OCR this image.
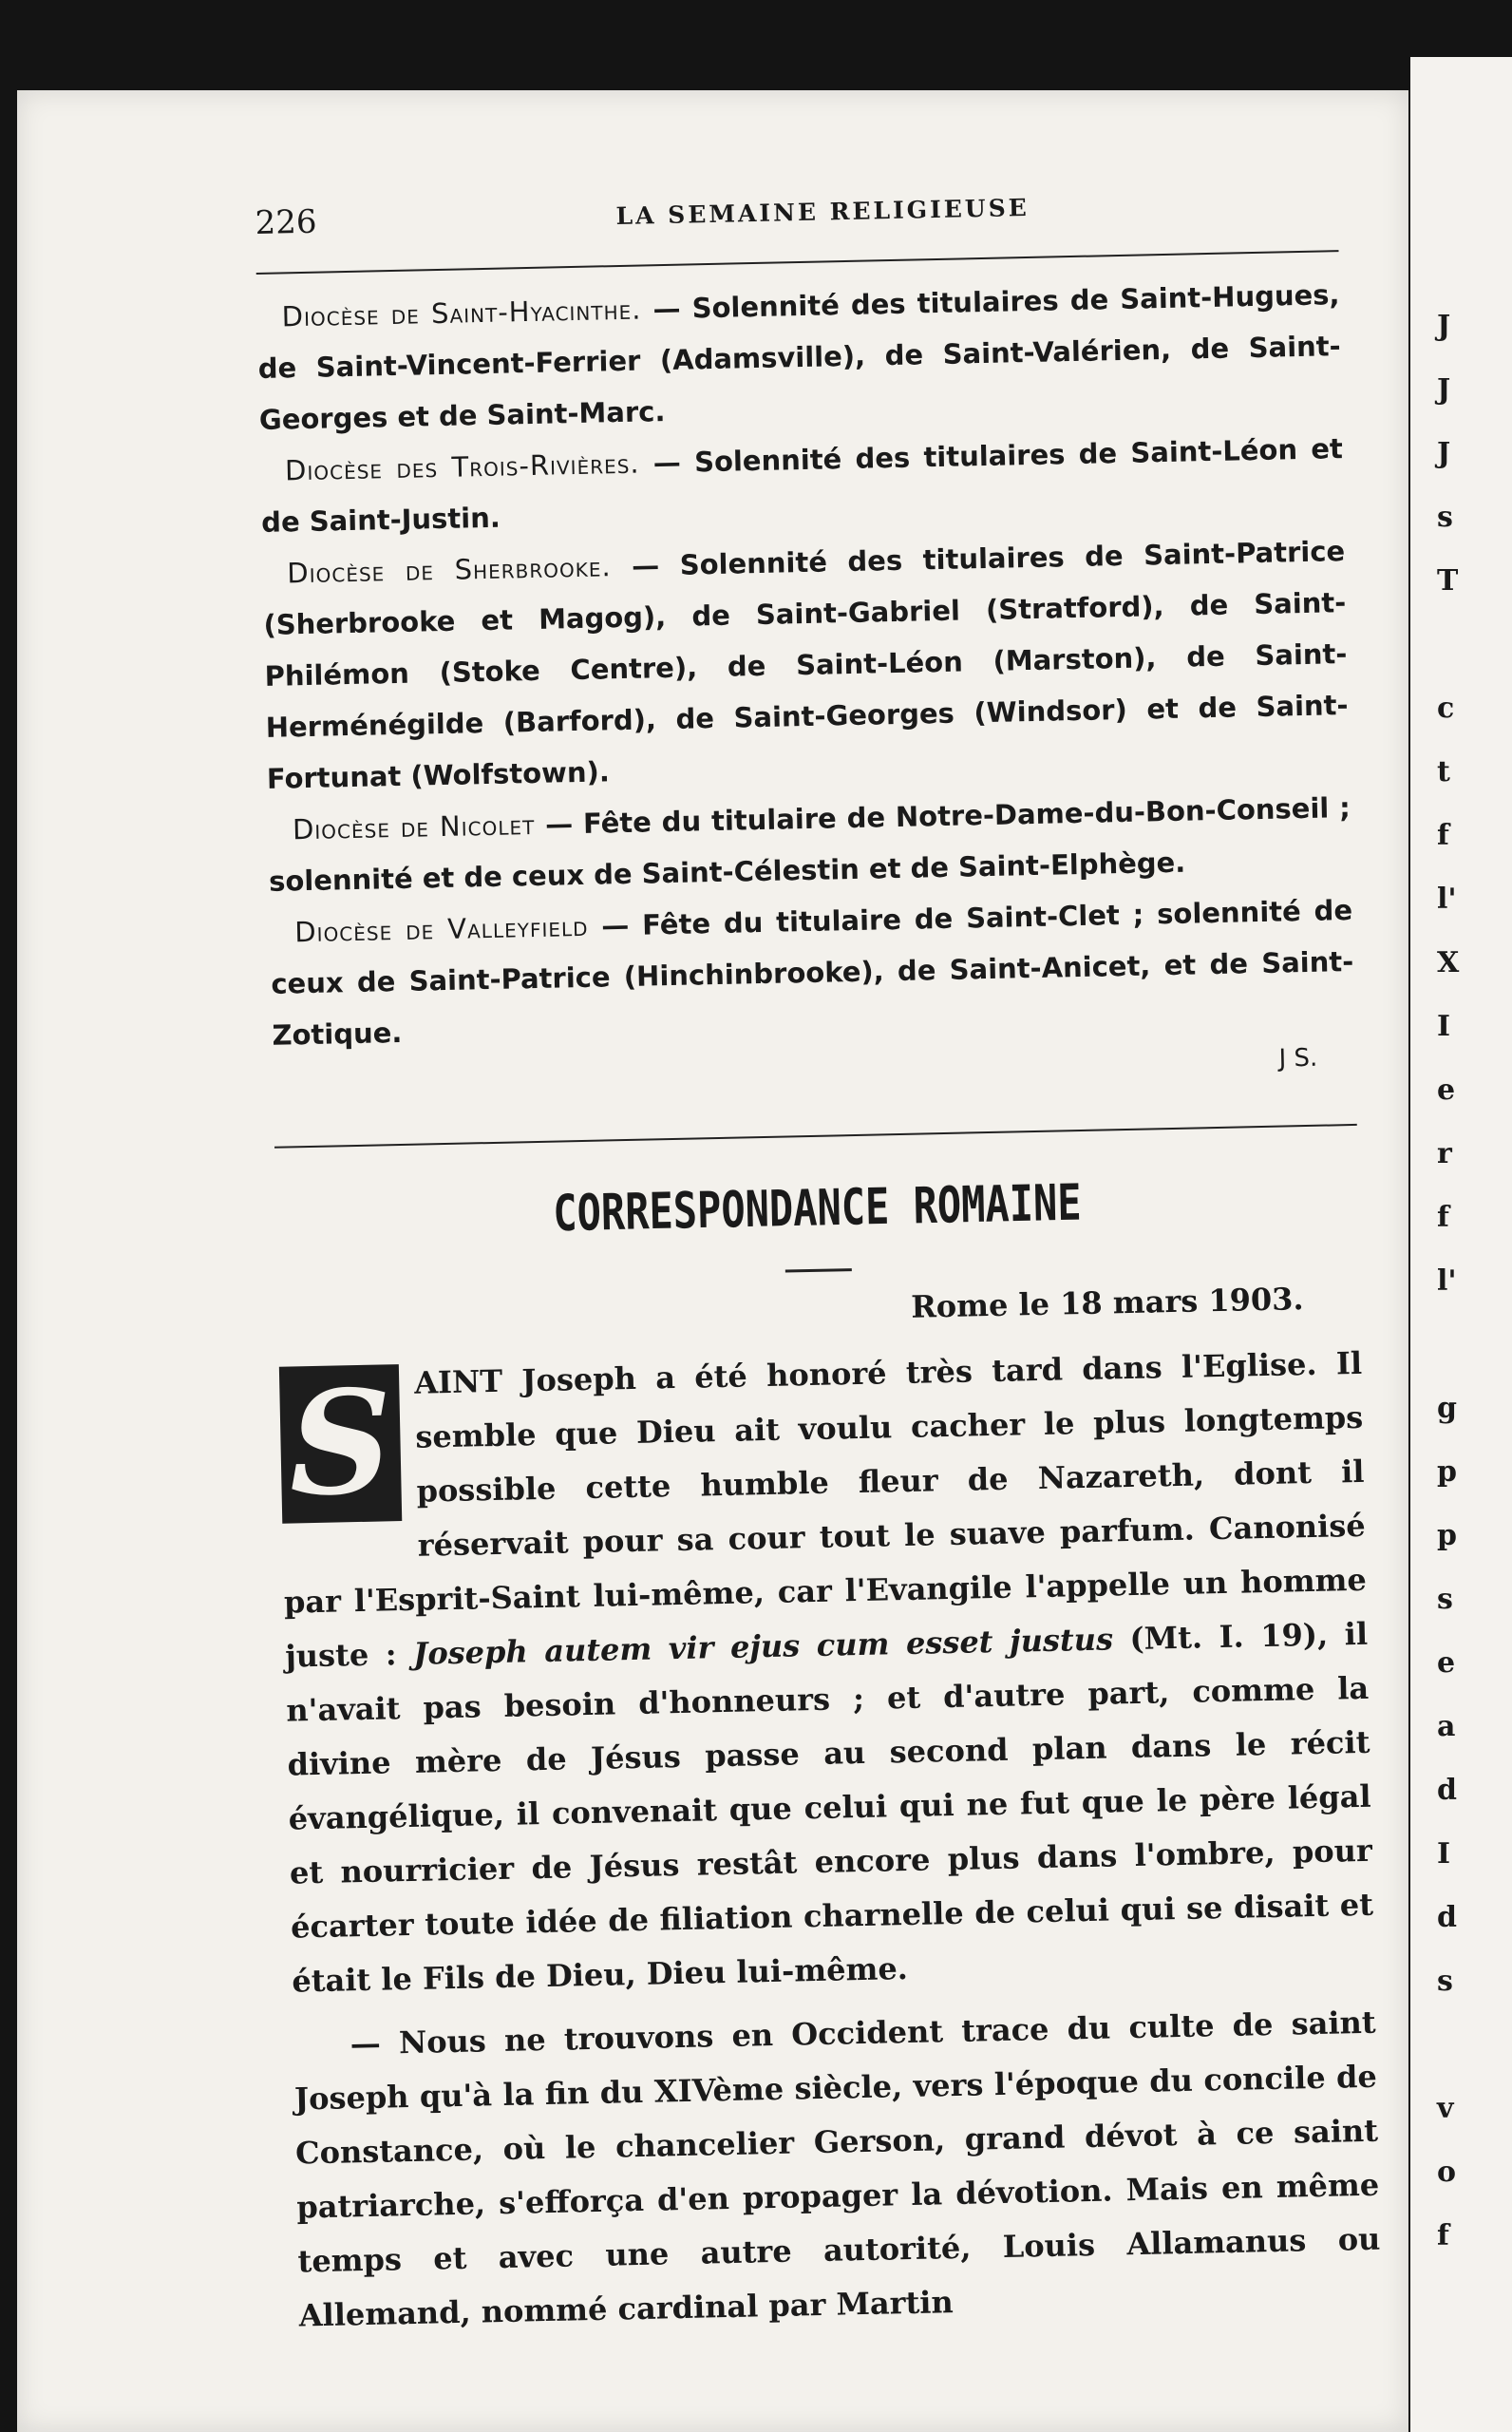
226	LA SEMAINE RELIGIEUSE
Diocèse de Saint-Hyacinthe. — Solennité des titulaires de Saint-Hugues, de Saint-Vincent-Ferrier (Adamsville), de Saint-Valérien, de Saint-Georges et de Saint-Marc.
Diocèse des Trois-Rivières. — Solennité des titulaires de Saint-Léon et de Saint-Justin.
Diocèse de Sherbrooke. — Solennité des titulaires de Saint-Patrice (Sherbrooke et Magog), de Saint-Gabriel (Stratford), de Saint-Philémon (Stoke Centre), de Saint-Léon (Marston), de Saint-Herménégilde (Barford), de Saint-Georges (Windsor) et de Saint-Fortunat (Wolfstown).
Diocèse de Nicolet — Fête du titulaire de Notre-Dame-du-Bon-Conseil ; solennité et de ceux de Saint-Célestin et de Saint-Elphège.
Diocèse de Valleyfield — Fête du titulaire de Saint-Clet ; solennité de ceux de Saint-Patrice (Hinchinbrooke), de Saint-Anicet, et de Saint-Zotique.
J S.
CORRESPONDANCE ROMAINE
Rome le 18 mars 1903.

S AINT Joseph a été honoré très tard dans l'Eglise. Il semble que Dieu ait voulu cacher le plus longtemps possible cette humble fleur de Nazareth, dont il réservait pour sa cour tout le suave parfum. Canonisé par l'Esprit-Saint lui-même, car l'Evangile l'appelle un homme juste : Joseph autem vir ejus cum esset justus (Mt. I. 19), il n'avait pas besoin d'honneurs ; et d'autre part, comme la divine mère de Jésus passe au second plan dans le récit évangélique, il convenait que celui qui ne fut que le père légal et nourricier de Jésus restât encore plus dans l'ombre, pour écarter toute idée de filiation charnelle de celui qui se disait et était le Fils de Dieu, Dieu lui-même.

— Nous ne trouvons en Occident trace du culte de saint Joseph qu'à la fin du XIVème siècle, vers l'époque du concile de Constance, où le chancelier Gerson, grand dévot à ce saint patriarche, s'efforça d'en propager la dévotion. Mais en même temps et avec une autre autorité, Louis Allamanus ou Allemand, nommé cardinal par Martin

J
J
J
s
T
c
t
f
l'
X
I
e
r
f
l'
g
p
p
s
e
a
d
I
d
s
v
o
f
